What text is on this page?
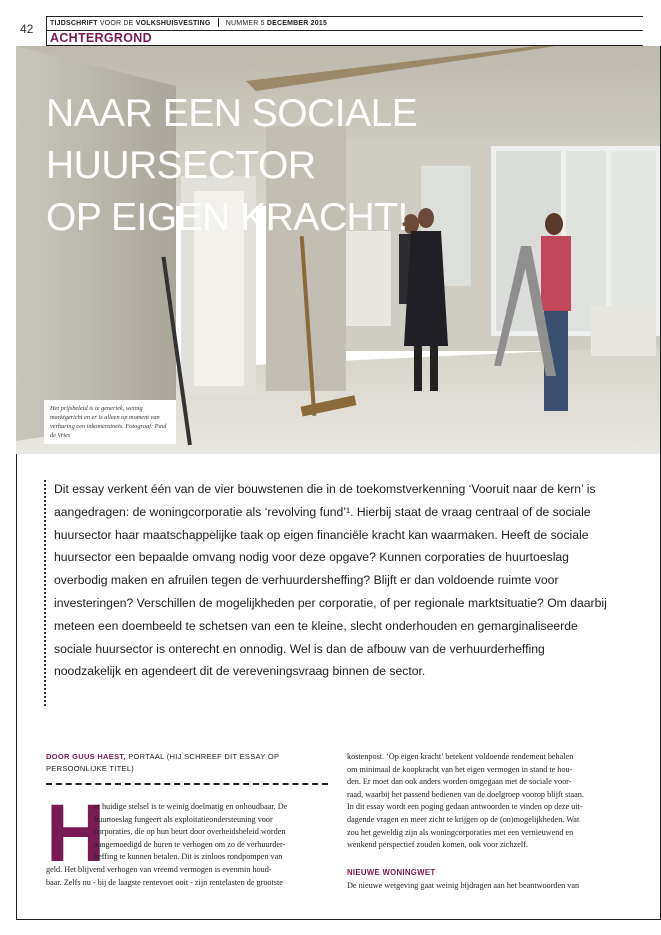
42 TIJDSCHRIFT VOOR DE VOLKSHUISVESTING NUMMER 5 DECEMBER 2015
ACHTERGROND
NAAR EEN SOCIALE
HUURSECTOR
OP EIGEN KRACHT!
Het prijsbeleid is te generiek, weinig marktgericht en er is alleen op moment van verhuring een inkomenstoets. Fotograaf: Paul de Vries

Dit essay verkent één van de vier bouwstenen die in de toekomstverkenning ‘Vooruit naar de kern’ is aangedragen: de woningcorporatie als ‘revolving fund’¹. Hierbij staat de vraag centraal of de sociale huursector haar maatschappelijke taak op eigen financiële kracht kan waarmaken. Heeft de sociale huursector een bepaalde omvang nodig voor deze opgave? Kunnen corporaties de huurtoeslag overbodig maken en afruilen tegen de verhuurdersheffing? Blijft er dan voldoende ruimte voor investeringen? Verschillen de mogelijkheden per corporatie, of per regionale marktsituatie? Om daarbij meteen een doembeeld te schetsen van een te kleine, slecht onderhouden en gemarginaliseerde sociale huursector is onterecht en onnodig. Wel is dan de afbouw van de verhuurderheffing noodzakelijk en agendeert dit de vereveningsvraag binnen de sector.

DOOR GUUS HAEST, PORTAAL (HIJ SCHREEF DIT ESSAY OP PERSOONLIJKE TITEL)
H
et huidige stelsel is te weinig doelmatig en onhoudbaar. De
huurtoeslag fungeert als exploitatieondersteuning voor
corporaties, die op hun beurt door overheidsbeleid worden
aangemoedigd de huren te verhogen om zo de verhuurder-
heffing te kunnen betalen. Dit is zinloos rondpompen van
geld. Het blijvend verhogen van vreemd vermogen is evenmin houd-
baar. Zelfs nu - bij de laagste rentevoet ooit - zijn rentelasten de grootste
kostenpost. ‘Op eigen kracht’ betekent voldoende rendement behalen
om minimaal de koopkracht van het eigen vermogen in stand te hou-
den. Er moet dan ook anders worden omgegaan met de sociale voor-
raad, waarbij het passend bedienen van de doelgroep voorop blijft staan.
In dit essay wordt een poging gedaan antwoorden te vinden op deze uit-
dagende vragen en meer zicht te krijgen op de (on)mogelijkheden. Wat
zou het geweldig zijn als woningcorporaties met een vernieuwend en
wenkend perspectief zouden komen, ook voor zichzelf.
NIEUWE WONINGWET
De nieuwe wetgeving gaat weinig bijdragen aan het beantwoorden van
